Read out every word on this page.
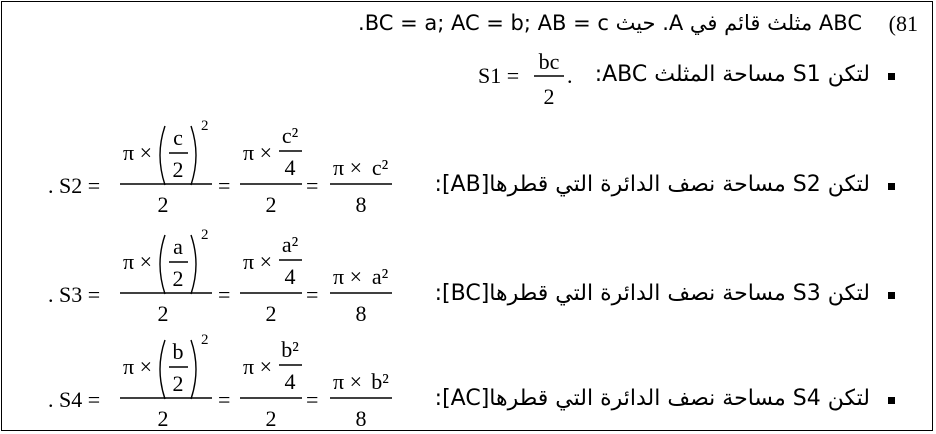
(81
ABC مثلث قائم في A. حيث BC = a; AC = b; AB = c.
لتكن S1 مساحة المثلث ABC:
لتكن S2 مساحة نصف الدائرة التي قطرها[AB]:
لتكن S3 مساحة نصف الدائرة التي قطرها[BC]:
لتكن S4 مساحة نصف الدائرة التي قطرها[AC]:
S1 =
bc
2
.
. S2 =
π ×
c
2
2
2
=
π ×
c²
4
2
=
π × c²
8
. S3 =
π ×
a
2
2
2
=
π ×
a²
4
2
=
π × a²
8
. S4 =
π ×
b
2
2
2
=
π ×
b²
4
2
=
π × b²
8
